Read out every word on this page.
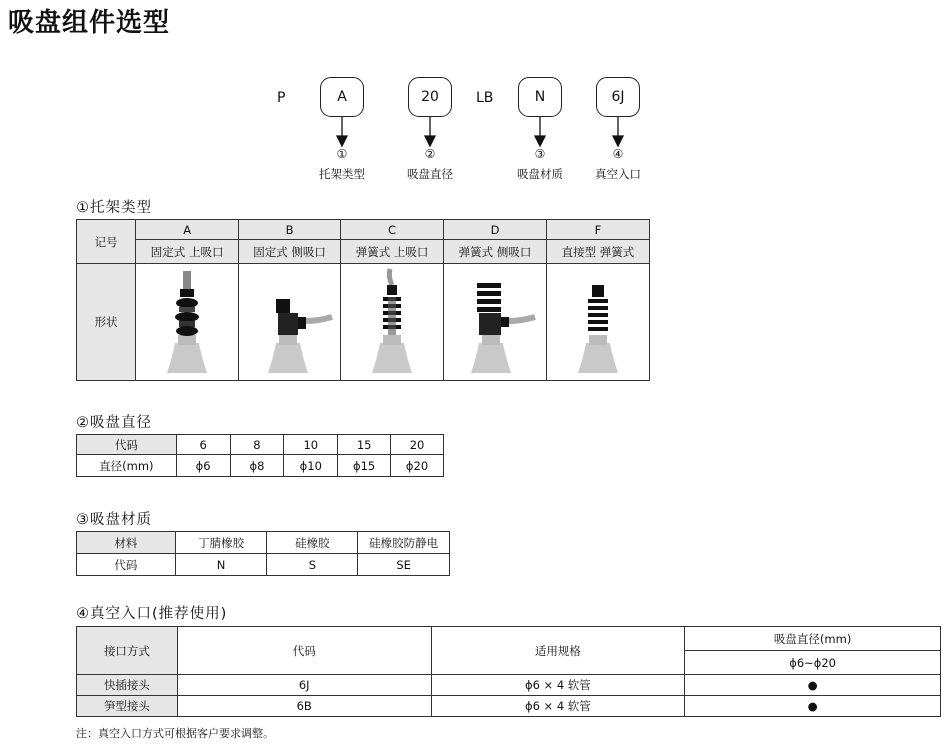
吸盘组件选型
P	A	20	LB	N	6J
①	②	③	④
托架类型	吸盘直径	吸盘材质	真空入口
①托架类型
记号	A	B	C	D	F
	固定式 上吸口	固定式 侧吸口	弹簧式 上吸口	弹簧式 侧吸口	直接型 弹簧式
形状					
②吸盘直径
代码	6	8	10	15	20
直径(mm)	ϕ6	ϕ8	ϕ10	ϕ15	ϕ20
③吸盘材质
材料	丁腈橡胶	硅橡胶	硅橡胶防静电
代码	N	S	SE
④真空入口(推荐使用)
接口方式	代码	适用规格	吸盘直径(mm)
			ϕ6~ϕ20
快插接头	6J	ϕ6 × 4 软管	●
笋型接头	6B	ϕ6 × 4 软管	●
注：真空入口方式可根据客户要求调整。
